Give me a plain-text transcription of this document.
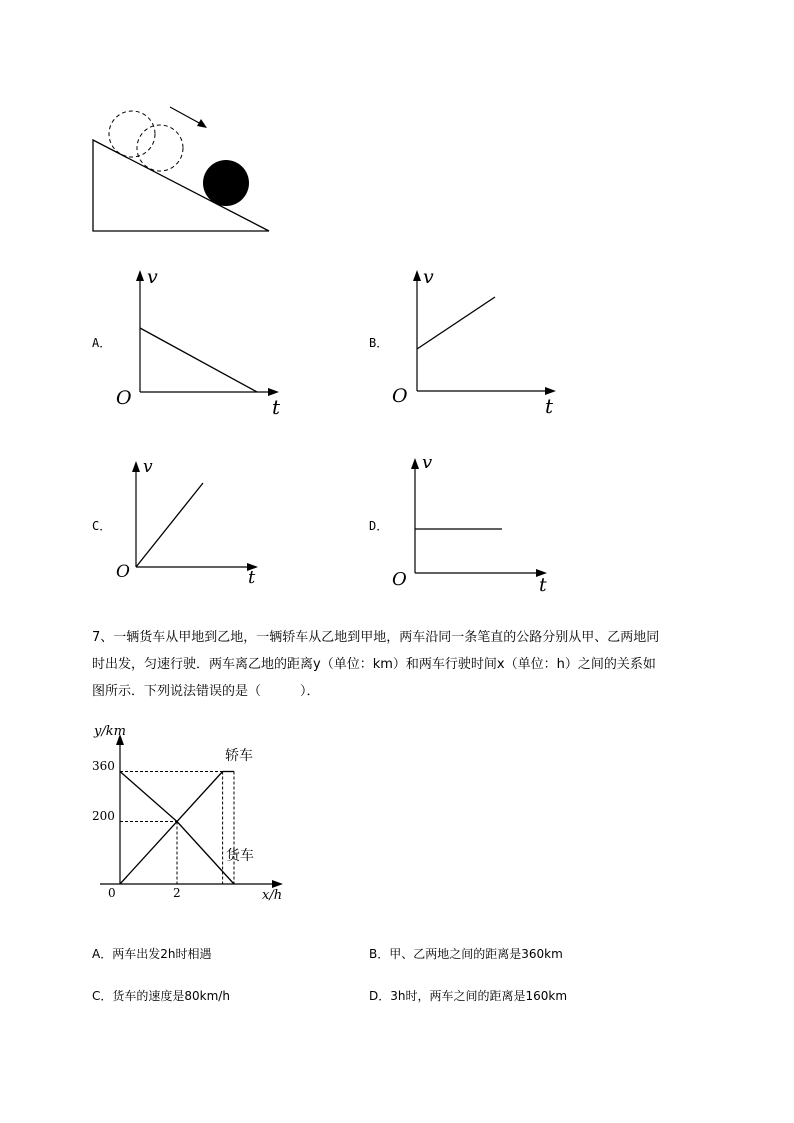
A．
v
t
O
B．
v
t
O
C．
v
t
O
D．
v
t
O
7、一辆货车从甲地到乙地，一辆轿车从乙地到甲地，两车沿同一条笔直的公路分别从甲、乙两地同
时出发，匀速行驶．两车离乙地的距离y（单位：km）和两车行驶时间x（单位：h）之间的关系如
图所示．下列说法错误的是（　　　）．
y/km
x/h
0
360
200
2
轿车
货车
A．两车出发2h时相遇	B．甲、乙两地之间的距离是360km
C．货车的速度是80km/h	D．3h时，两车之间的距离是160km
